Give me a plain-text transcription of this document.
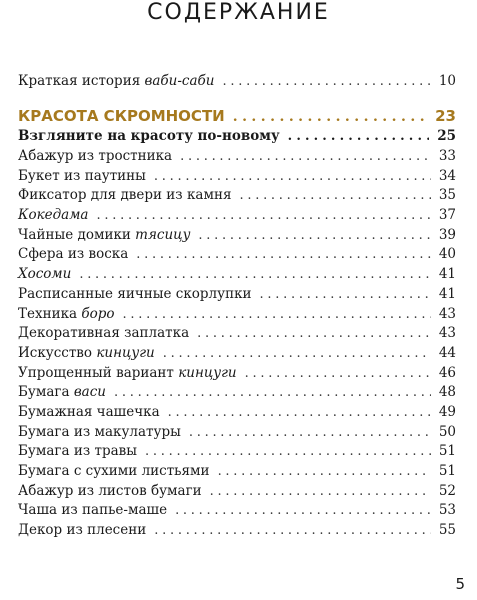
СОДЕРЖАНИЕ
Краткая история ваби-саби . . .	10
КРАСОТА СКРОМНОСТИ . . .	23
Взгляните на красоту по-новому . . .	25
Абажур из тростника . . .	33
Букет из паутины . . .	34
Фиксатор для двери из камня . . .	35
Кокедама . . .	37
Чайные домики тясицу . . .	39
Сфера из воска . . .	40
Хосоми . . .	41
Расписанные яичные скорлупки . . .	41
Техника боро . . .	43
Декоративная заплатка . . .	43
Искусство кинцуги . . .	44
Упрощенный вариант кинцуги . . .	46
Бумага васи . . .	48
Бумажная чашечка . . .	49
Бумага из макулатуры . . .	50
Бумага из травы . . .	51
Бумага с сухими листьями . . .	51
Абажур из листов бумаги . . .	52
Чаша из папье-маше . . .	53
Декор из плесени . . .	55
5
